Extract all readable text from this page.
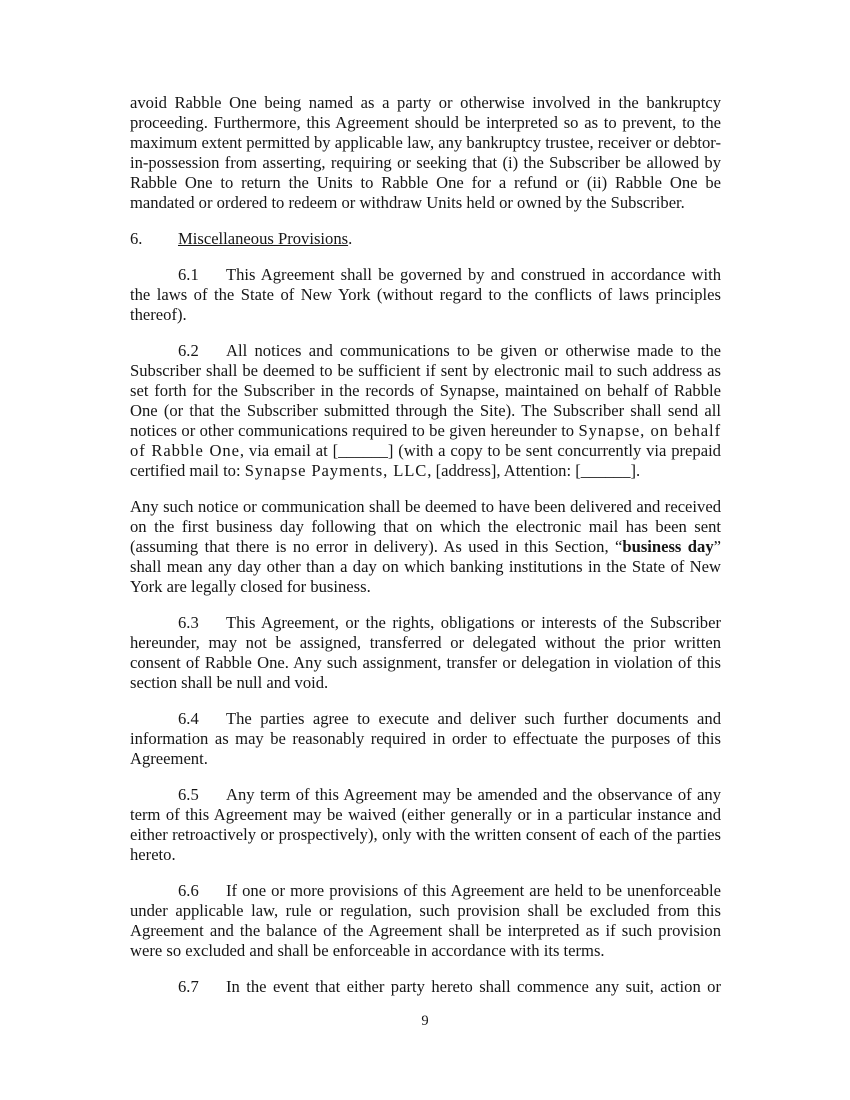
avoid Rabble One being named as a party or otherwise involved in the bankruptcy proceeding. Furthermore, this Agreement should be interpreted so as to prevent, to the maximum extent permitted by applicable law, any bankruptcy trustee, receiver or debtor-in-possession from asserting, requiring or seeking that (i) the Subscriber be allowed by Rabble One to return the Units to Rabble One for a refund or (ii) Rabble One be mandated or ordered to redeem or withdraw Units held or owned by the Subscriber.

6. Miscellaneous Provisions.

6.1 This Agreement shall be governed by and construed in accordance with the laws of the State of New York (without regard to the conflicts of laws principles thereof).

6.2 All notices and communications to be given or otherwise made to the Subscriber shall be deemed to be sufficient if sent by electronic mail to such address as set forth for the Subscriber in the records of Synapse, maintained on behalf of Rabble One (or that the Subscriber submitted through the Site). The Subscriber shall send all notices or other communications required to be given hereunder to Synapse, on behalf of Rabble One, via email at [______] (with a copy to be sent concurrently via prepaid certified mail to: Synapse Payments, LLC, [address], Attention: [______].

Any such notice or communication shall be deemed to have been delivered and received on the first business day following that on which the electronic mail has been sent (assuming that there is no error in delivery). As used in this Section, “business day” shall mean any day other than a day on which banking institutions in the State of New York are legally closed for business.

6.3 This Agreement, or the rights, obligations or interests of the Subscriber hereunder, may not be assigned, transferred or delegated without the prior written consent of Rabble One. Any such assignment, transfer or delegation in violation of this section shall be null and void.

6.4 The parties agree to execute and deliver such further documents and information as may be reasonably required in order to effectuate the purposes of this Agreement.

6.5 Any term of this Agreement may be amended and the observance of any term of this Agreement may be waived (either generally or in a particular instance and either retroactively or prospectively), only with the written consent of each of the parties hereto.

6.6 If one or more provisions of this Agreement are held to be unenforceable under applicable law, rule or regulation, such provision shall be excluded from this Agreement and the balance of the Agreement shall be interpreted as if such provision were so excluded and shall be enforceable in accordance with its terms.

6.7 In the event that either party hereto shall commence any suit, action or

9
